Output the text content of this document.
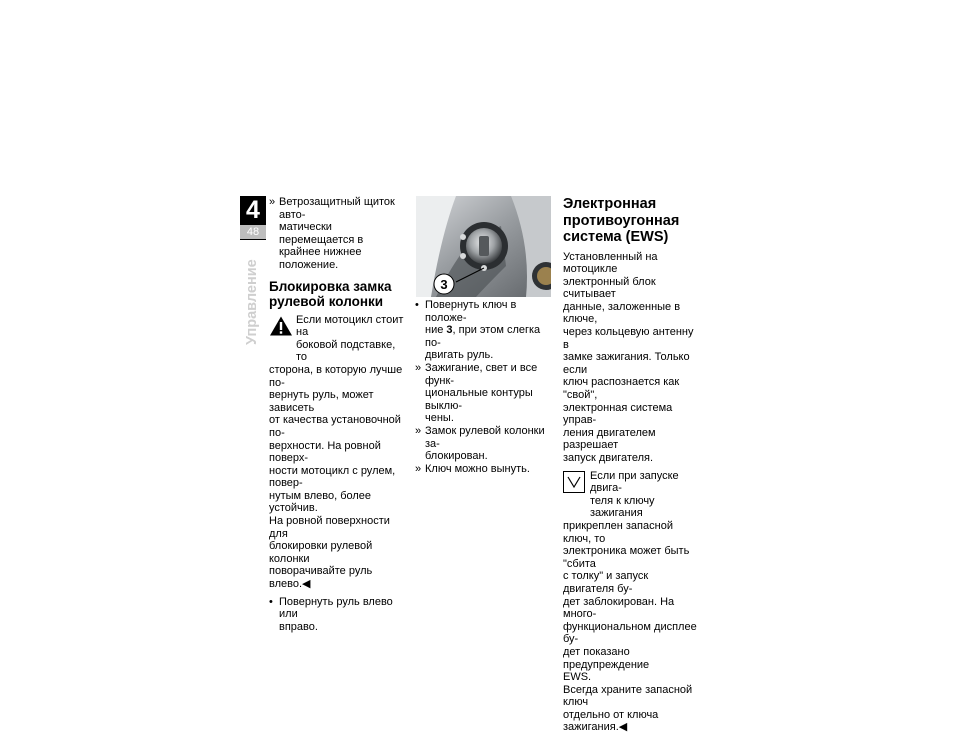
4
48
Управление
» Ветрозащитный щиток авто-

матически перемещается в

крайнее нижнее положение.

Блокировка замка

рулевой колонки

Если мотоцикл стоит на

боковой подставке, то

сторона, в которую лучше по-

вернуть руль, может зависеть

от качества установочной по-

верхности. На ровной поверх-

ности мотоцикл с рулем, повер-

нутым влево, более устойчив.

На ровной поверхности для

блокировки рулевой колонки

поворачивайте руль влево.◀

• Повернуть руль влево или

вправо.

3
• Повернуть ключ в положе-

ние 3, при этом слегка по-

двигать руль.

» Зажигание, свет и все функ-

циональные контуры выклю-

чены.

» Замок рулевой колонки за-

блокирован.

» Ключ можно вынуть.

Электронная

противоугонная

система (EWS)

Установленный на мотоцикле

электронный блок считывает

данные, заложенные в ключе,

через кольцевую антенну в

замке зажигания. Только если

ключ распознается как "свой",

электронная система управ-

ления двигателем разрешает

запуск двигателя.

Если при запуске двига-

теля к ключу зажигания

прикреплен запасной ключ, то

электроника может быть "сбита

с толку" и запуск двигателя бу-

дет заблокирован. На много-

функциональном дисплее бу-

дет показано предупреждение

EWS.

Всегда храните запасной ключ

отдельно от ключа зажигания.◀
